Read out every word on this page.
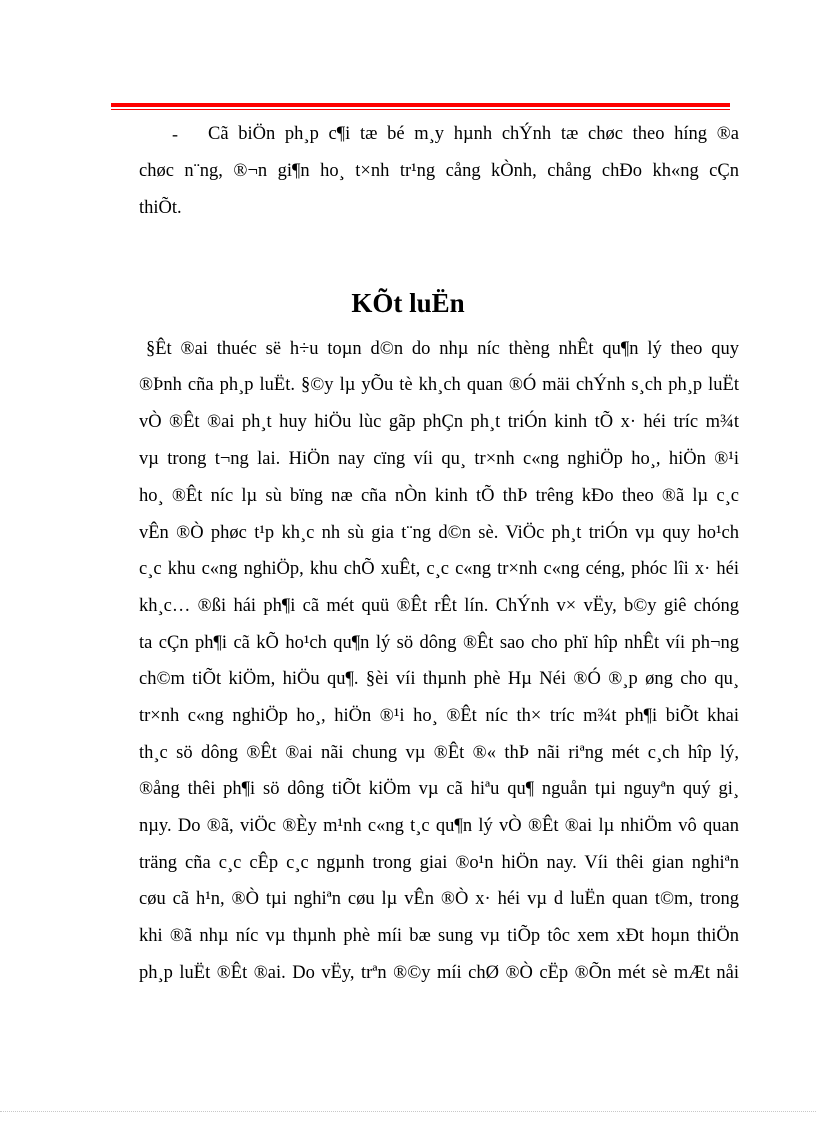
- Cã biÖn ph¸p c¶i tæ bé m¸y hµnh chÝnh tæ chøc theo híng ®a
chøc n¨ng, ®¬n gi¶n ho¸ t×nh tr¹ng cång kÒnh, chång chÐo kh«ng cÇn
thiÕt.
KÕt luËn
§Êt ®ai thuéc së h÷u toµn d©n do nhµ níc thèng nhÊt qu¶n lý theo quy
®Þnh cña ph¸p luËt. §©y lµ yÕu tè kh¸ch quan ®Ó mäi chÝnh s¸ch ph¸p luËt
vÒ ®Êt ®ai ph¸t huy hiÖu lùc gãp phÇn ph¸t triÓn kinh tÕ x· héi tríc m¾t
vµ trong t¬ng lai. HiÖn nay cïng víi qu¸ tr×nh c«ng nghiÖp ho¸, hiÖn ®¹i
ho¸ ®Êt níc lµ sù bïng næ cña nÒn kinh tÕ thÞ trêng kÐo theo ®ã lµ c¸c
vÊn ®Ò phøc t¹p kh¸c nh sù gia t¨ng d©n sè. ViÖc ph¸t triÓn vµ quy ho¹ch
c¸c khu c«ng nghiÖp, khu chÕ xuÊt, c¸c c«ng tr×nh c«ng céng, phóc lîi x· héi
kh¸c… ®ßi hái ph¶i cã mét quü ®Êt rÊt lín. ChÝnh v× vËy, b©y giê chóng
ta cÇn ph¶i cã kÕ ho¹ch qu¶n lý sö dông ®Êt sao cho phï hîp nhÊt víi ph¬ng
ch©m tiÕt kiÖm, hiÖu qu¶. §èi víi thµnh phè Hµ Néi ®Ó ®¸p øng cho qu¸
tr×nh c«ng nghiÖp ho¸, hiÖn ®¹i ho¸ ®Êt níc th× tríc m¾t ph¶i biÕt khai
th¸c sö dông ®Êt ®ai nãi chung vµ ®Êt ®« thÞ nãi riªng mét c¸ch hîp lý,
®ång thêi ph¶i sö dông tiÕt kiÖm vµ cã hiªu qu¶ nguån tµi nguyªn quý gi¸
nµy. Do ®ã, viÖc ®Èy m¹nh c«ng t¸c qu¶n lý vÒ ®Êt ®ai lµ nhiÖm vô quan
träng cña c¸c cÊp c¸c ngµnh trong giai ®o¹n hiÖn nay. Víi thêi gian nghiªn
cøu cã h¹n, ®Ò tµi nghiªn cøu lµ vÊn ®Ò x· héi vµ d luËn quan t©m, trong
khi ®ã nhµ níc vµ thµnh phè míi bæ sung vµ tiÕp tôc xem xÐt hoµn thiÖn
ph¸p luËt ®Êt ®ai. Do vËy, trªn ®©y míi chØ ®Ò cËp ®Õn mét sè mÆt nåi
